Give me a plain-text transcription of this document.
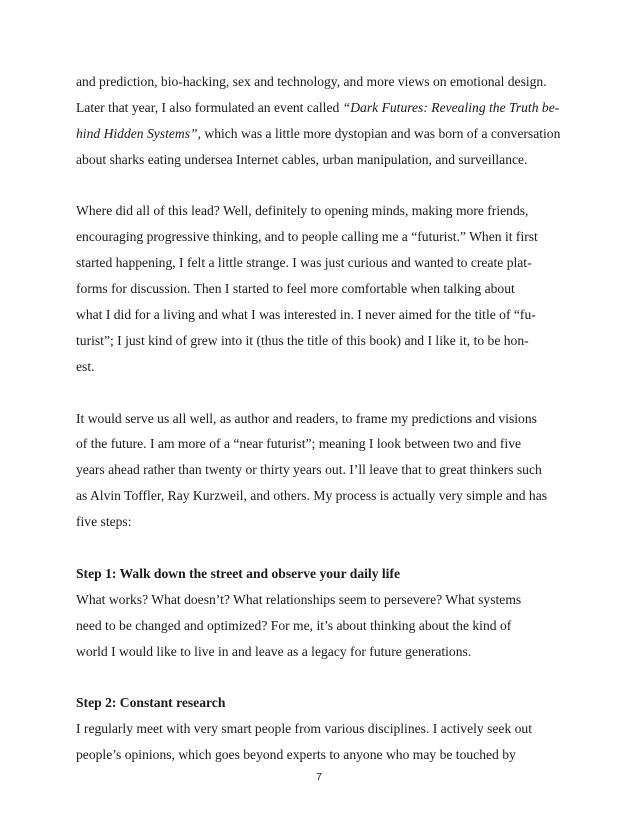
and prediction, bio-hacking, sex and technology, and more views on emotional design.
Later that year, I also formulated an event called “Dark Futures: Revealing the Truth be-
hind Hidden Systems”, which was a little more dystopian and was born of a conversation
about sharks eating undersea Internet cables, urban manipulation, and surveillance.
Where did all of this lead? Well, definitely to opening minds, making more friends,
encouraging progressive thinking, and to people calling me a “futurist.” When it first
started happening, I felt a little strange. I was just curious and wanted to create plat-
forms for discussion. Then I started to feel more comfortable when talking about
what I did for a living and what I was interested in. I never aimed for the title of “fu-
turist”; I just kind of grew into it (thus the title of this book) and I like it, to be hon-
est.
It would serve us all well, as author and readers, to frame my predictions and visions
of the future. I am more of a “near futurist”; meaning I look between two and five
years ahead rather than twenty or thirty years out. I’ll leave that to great thinkers such
as Alvin Toffler, Ray Kurzweil, and others. My process is actually very simple and has
five steps:
Step 1: Walk down the street and observe your daily life
What works? What doesn’t? What relationships seem to persevere? What systems
need to be changed and optimized? For me, it’s about thinking about the kind of
world I would like to live in and leave as a legacy for future generations.
Step 2: Constant research
I regularly meet with very smart people from various disciplines. I actively seek out
people’s opinions, which goes beyond experts to anyone who may be touched by
7
